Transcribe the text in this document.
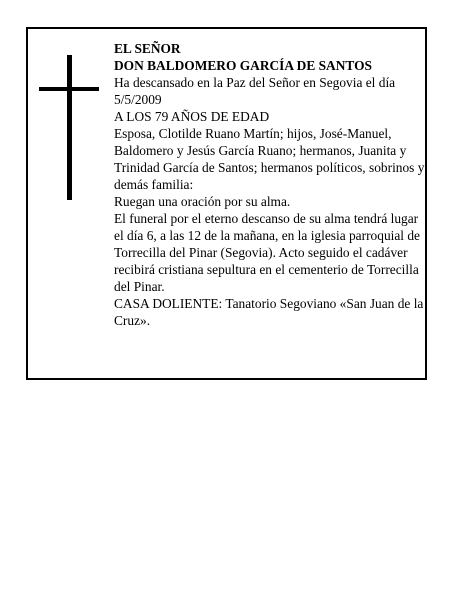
EL SEÑOR

DON BALDOMERO GARCÍA DE SANTOS

Ha descansado en la Paz del Señor en Segovia el día 5/5/2009

A LOS 79 AÑOS DE EDAD

Esposa, Clotilde Ruano Martín; hijos, José-Manuel, Baldomero y Jesús García Ruano; hermanos, Juanita y Trinidad García de Santos; hermanos políticos, sobrinos y demás familia:

Ruegan una oración por su alma.

El funeral por el eterno descanso de su alma tendrá lugar el día 6, a las 12 de la mañana, en la iglesia parroquial de Torrecilla del Pinar (Segovia). Acto seguido el cadáver recibirá cristiana sepultura en el cementerio de Torrecilla del Pinar.

CASA DOLIENTE: Tanatorio Segoviano «San Juan de la Cruz».
